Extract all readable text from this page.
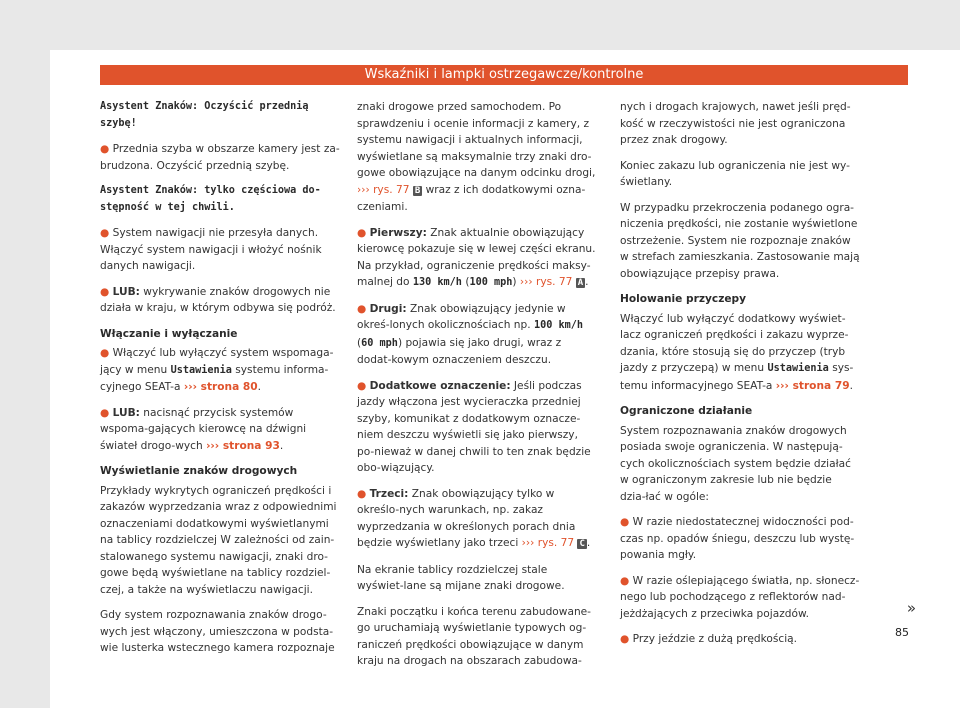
Wskaźniki i lampki ostrzegawcze/kontrolne

Asystent Znaków: Oczyścić przednią szybę!

● Przednia szyba w obszarze kamery jest za-brudzona. Oczyścić przednią szybę.

Asystent Znaków: tylko częściowa do-stępność w tej chwili.

● System nawigacji nie przesyła danych. Włączyć system nawigacji i włożyć nośnik danych nawigacji.

● LUB: wykrywanie znaków drogowych nie działa w kraju, w którym odbywa się podróż.

Włączanie i wyłączanie

● Włączyć lub wyłączyć system wspomaga-jący w menu Ustawienia systemu informa-cyjnego SEAT-a ››› strona 80.

● LUB: nacisnąć przycisk systemów wspoma-gających kierowcę na dźwigni świateł drogo-wych ››› strona 93.

Wyświetlanie znaków drogowych

Przykłady wykrytych ograniczeń prędkości i zakazów wyprzedzania wraz z odpowiednimi oznaczeniami dodatkowymi wyświetlanymi na tablicy rozdzielczej W zależności od zain-stalowanego systemu nawigacji, znaki dro-gowe będą wyświetlane na tablicy rozdziel-czej, a także na wyświetlaczu nawigacji.

Gdy system rozpoznawania znaków drogo-wych jest włączony, umieszczona w podsta-wie lusterka wstecznego kamera rozpoznaje

znaki drogowe przed samochodem. Po sprawdzeniu i ocenie informacji z kamery, z systemu nawigacji i aktualnych informacji, wyświetlane są maksymalnie trzy znaki dro-gowe obowiązujące na danym odcinku drogi, ››› rys. 77 B wraz z ich dodatkowymi ozna-czeniami.

● Pierwszy: Znak aktualnie obowiązujący kierowcę pokazuje się w lewej części ekranu. Na przykład, ograniczenie prędkości maksy-malnej do 130 km/h (100 mph) ››› rys. 77 A .

● Drugi: Znak obowiązujący jedynie w okreś-lonych okolicznościach np. 100 km/h (60 mph) pojawia się jako drugi, wraz z dodat-kowym oznaczeniem deszczu.

● Dodatkowe oznaczenie: Jeśli podczas jazdy włączona jest wycieraczka przedniej szyby, komunikat z dodatkowym oznacze-niem deszczu wyświetli się jako pierwszy, po-nieważ w danej chwili to ten znak będzie obo-wiązujący.

● Trzeci: Znak obowiązujący tylko w określo-nych warunkach, np. zakaz wyprzedzania w określonych porach dnia będzie wyświetlany jako trzeci ››› rys. 77 C .

Na ekranie tablicy rozdzielczej stale wyświet-lane są mijane znaki drogowe.

Znaki początku i końca terenu zabudowane-go uruchamiają wyświetlanie typowych og-raniczeń prędkości obowiązujące w danym kraju na drogach na obszarach zabudowa-

nych i drogach krajowych, nawet jeśli pręd-kość w rzeczywistości nie jest ograniczona przez znak drogowy.

Koniec zakazu lub ograniczenia nie jest wy-świetlany.

W przypadku przekroczenia podanego ogra-niczenia prędkości, nie zostanie wyświetlone ostrzeżenie. System nie rozpoznaje znaków w strefach zamieszkania. Zastosowanie mają obowiązujące przepisy prawa.

Holowanie przyczepy

Włączyć lub wyłączyć dodatkowy wyświet-lacz ograniczeń prędkości i zakazu wyprze-dzania, które stosują się do przyczep (tryb jazdy z przyczepą) w menu Ustawienia sys-temu informacyjnego SEAT-a ››› strona 79.

Ograniczone działanie

System rozpoznawania znaków drogowych posiada swoje ograniczenia. W następują-cych okolicznościach system będzie działać w ograniczonym zakresie lub nie będzie dzia-łać w ogóle:

● W razie niedostatecznej widoczności pod-czas np. opadów śniegu, deszczu lub wystę-powania mgły.

● W razie oślepiającego światła, np. słonecz-nego lub pochodzącego z reflektorów nad-jeżdżających z przeciwka pojazdów.

● Przy jeździe z dużą prędkością.

»
85
